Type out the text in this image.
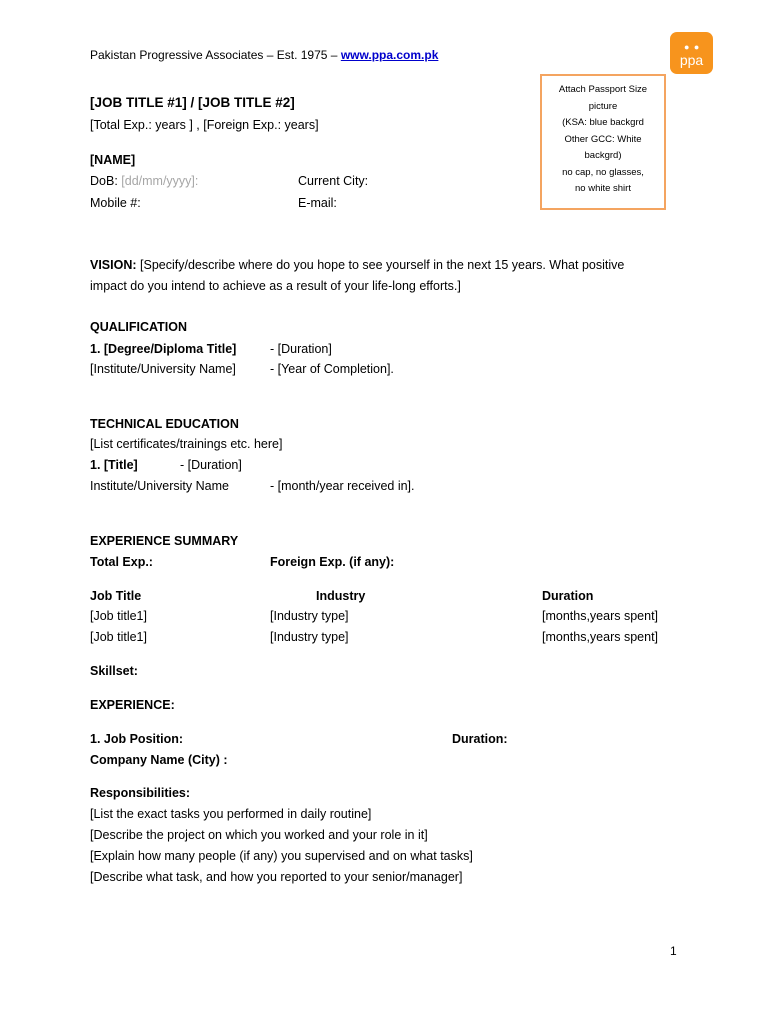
Pakistan Progressive Associates – Est. 1975 – www.ppa.com.pk
● ●
ppa
Attach Passport Size
picture
(KSA: blue backgrd
Other GCC: White
backgrd)
no cap, no glasses,
no white shirt
[JOB TITLE #1] / [JOB TITLE #2]
[Total Exp.: years ] , [Foreign Exp.: years]
[NAME]
DoB: [dd/mm/yyyy]:	Current City:
Mobile #:	E-mail:
VISION: [Specify/describe where do you hope to see yourself in the next 15 years. What positive
impact do you intend to achieve as a result of your life-long efforts.]
QUALIFICATION
1. [Degree/Diploma Title]	- [Duration]
[Institute/University Name]	- [Year of Completion].
TECHNICAL EDUCATION
[List certificates/trainings etc. here]
1. [Title]	- [Duration]
Institute/University Name	- [month/year received in].
EXPERIENCE SUMMARY
Total Exp.:	Foreign Exp. (if any):
Job Title	Industry	Duration
[Job title1]	[Industry type]	[months,years spent]
[Job title1]	[Industry type]	[months,years spent]
Skillset:
EXPERIENCE:
1. Job Position:	Duration:
Company Name (City) :
Responsibilities:
[List the exact tasks you performed in daily routine]
[Describe the project on which you worked and your role in it]
[Explain how many people (if any) you supervised and on what tasks]
[Describe what task, and how you reported to your senior/manager]
1
